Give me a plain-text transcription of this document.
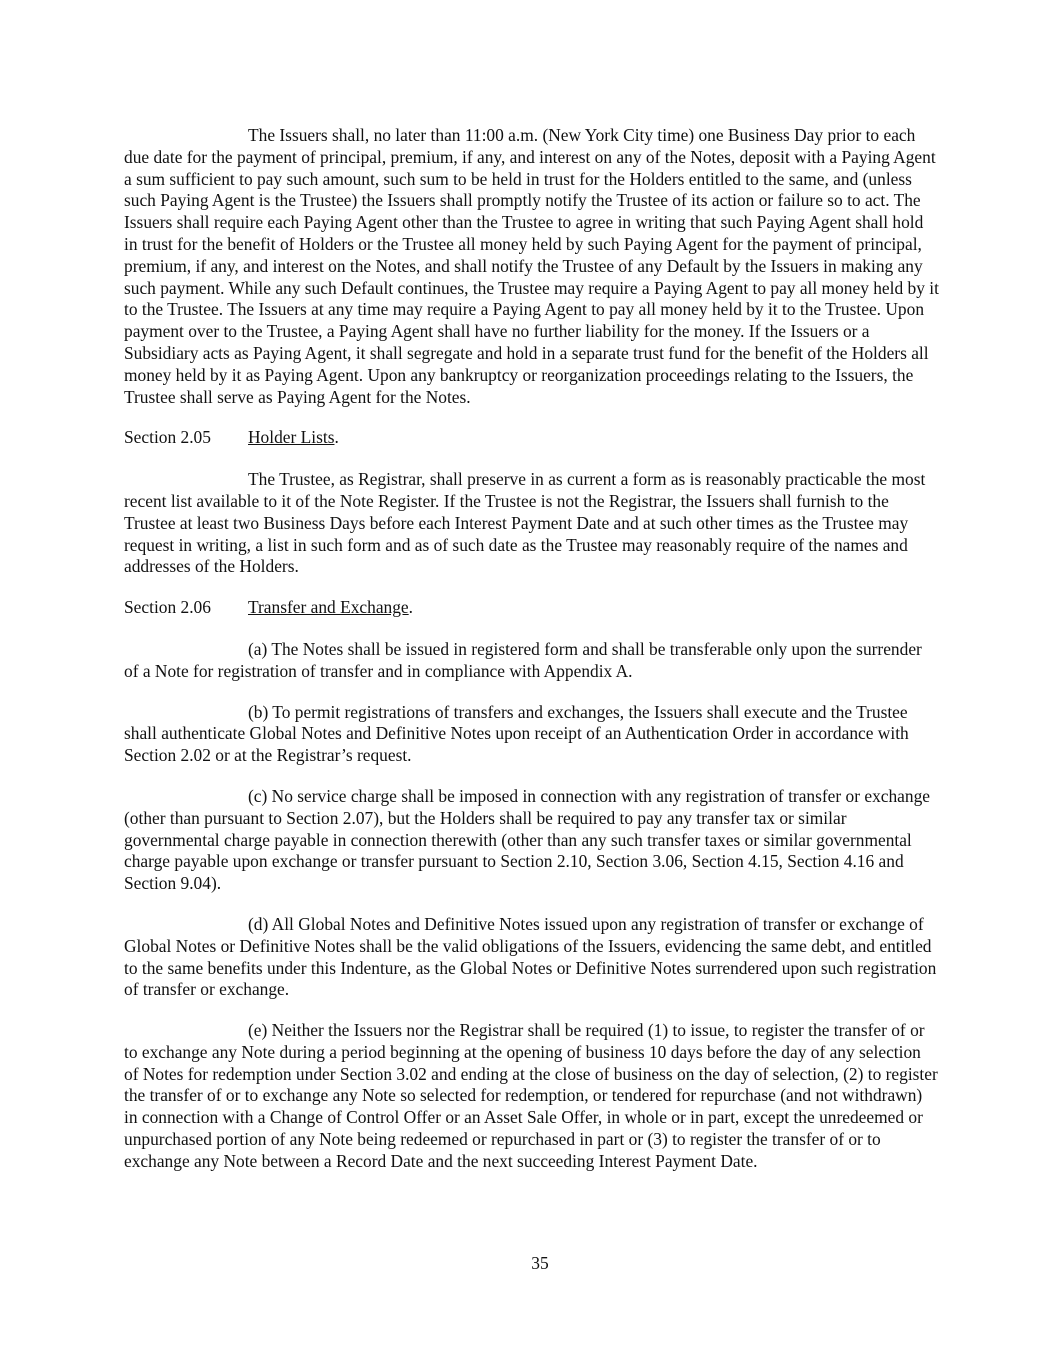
The Issuers shall, no later than 11:00 a.m. (New York City time) one Business Day prior to each due date for the payment of principal, premium, if any, and interest on any of the Notes, deposit with a Paying Agent a sum sufficient to pay such amount, such sum to be held in trust for the Holders entitled to the same, and (unless such Paying Agent is the Trustee) the Issuers shall promptly notify the Trustee of its action or failure so to act. The Issuers shall require each Paying Agent other than the Trustee to agree in writing that such Paying Agent shall hold in trust for the benefit of Holders or the Trustee all money held by such Paying Agent for the payment of principal, premium, if any, and interest on the Notes, and shall notify the Trustee of any Default by the Issuers in making any such payment. While any such Default continues, the Trustee may require a Paying Agent to pay all money held by it to the Trustee. The Issuers at any time may require a Paying Agent to pay all money held by it to the Trustee. Upon payment over to the Trustee, a Paying Agent shall have no further liability for the money. If the Issuers or a Subsidiary acts as Paying Agent, it shall segregate and hold in a separate trust fund for the benefit of the Holders all money held by it as Paying Agent. Upon any bankruptcy or reorganization proceedings relating to the Issuers, the Trustee shall serve as Paying Agent for the Notes.

Section 2.05 Holder Lists.

The Trustee, as Registrar, shall preserve in as current a form as is reasonably practicable the most recent list available to it of the Note Register. If the Trustee is not the Registrar, the Issuers shall furnish to the Trustee at least two Business Days before each Interest Payment Date and at such other times as the Trustee may request in writing, a list in such form and as of such date as the Trustee may reasonably require of the names and addresses of the Holders.

Section 2.06 Transfer and Exchange.

(a) The Notes shall be issued in registered form and shall be transferable only upon the surrender of a Note for registration of transfer and in compliance with Appendix A.

(b) To permit registrations of transfers and exchanges, the Issuers shall execute and the Trustee shall authenticate Global Notes and Definitive Notes upon receipt of an Authentication Order in accordance with Section 2.02 or at the Registrar’s request.

(c) No service charge shall be imposed in connection with any registration of transfer or exchange (other than pursuant to Section 2.07), but the Holders shall be required to pay any transfer tax or similar governmental charge payable in connection therewith (other than any such transfer taxes or similar governmental charge payable upon exchange or transfer pursuant to Section 2.10, Section 3.06, Section 4.15, Section 4.16 and Section 9.04).

(d) All Global Notes and Definitive Notes issued upon any registration of transfer or exchange of Global Notes or Definitive Notes shall be the valid obligations of the Issuers, evidencing the same debt, and entitled to the same benefits under this Indenture, as the Global Notes or Definitive Notes surrendered upon such registration of transfer or exchange.

(e) Neither the Issuers nor the Registrar shall be required (1) to issue, to register the transfer of or to exchange any Note during a period beginning at the opening of business 10 days before the day of any selection of Notes for redemption under Section 3.02 and ending at the close of business on the day of selection, (2) to register the transfer of or to exchange any Note so selected for redemption, or tendered for repurchase (and not withdrawn) in connection with a Change of Control Offer or an Asset Sale Offer, in whole or in part, except the unredeemed or unpurchased portion of any Note being redeemed or repurchased in part or (3) to register the transfer of or to exchange any Note between a Record Date and the next succeeding Interest Payment Date.

35
